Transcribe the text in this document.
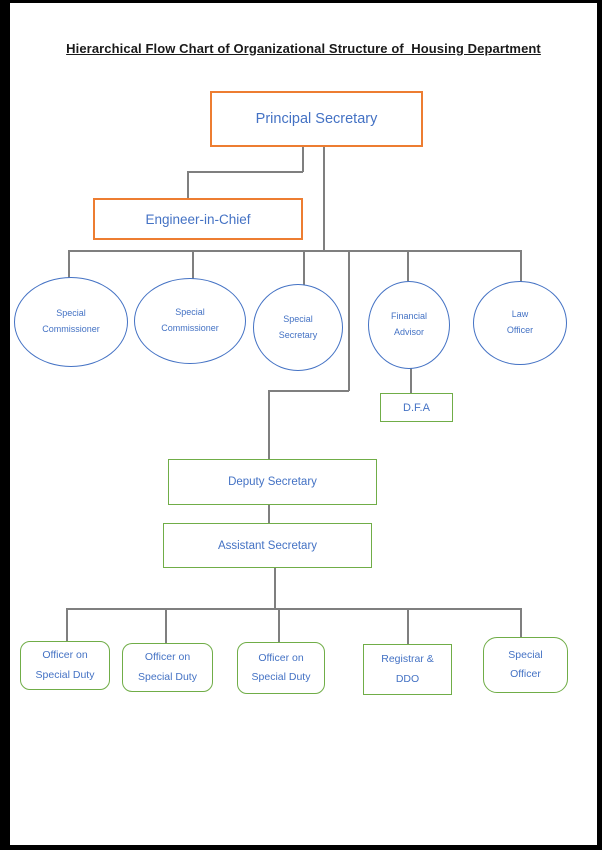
Hierarchical Flow Chart of Organizational Structure of  Housing Department
Principal Secretary
Engineer-in-Chief
Special
Commissioner
Special
Commissioner
Special
Secretary
Financial
Advisor
Law
Officer
D.F.A
Deputy Secretary
Assistant Secretary
Officer on
Special Duty
Officer on
Special Duty
Officer on
Special Duty
Registrar &
DDO
Special
Officer
